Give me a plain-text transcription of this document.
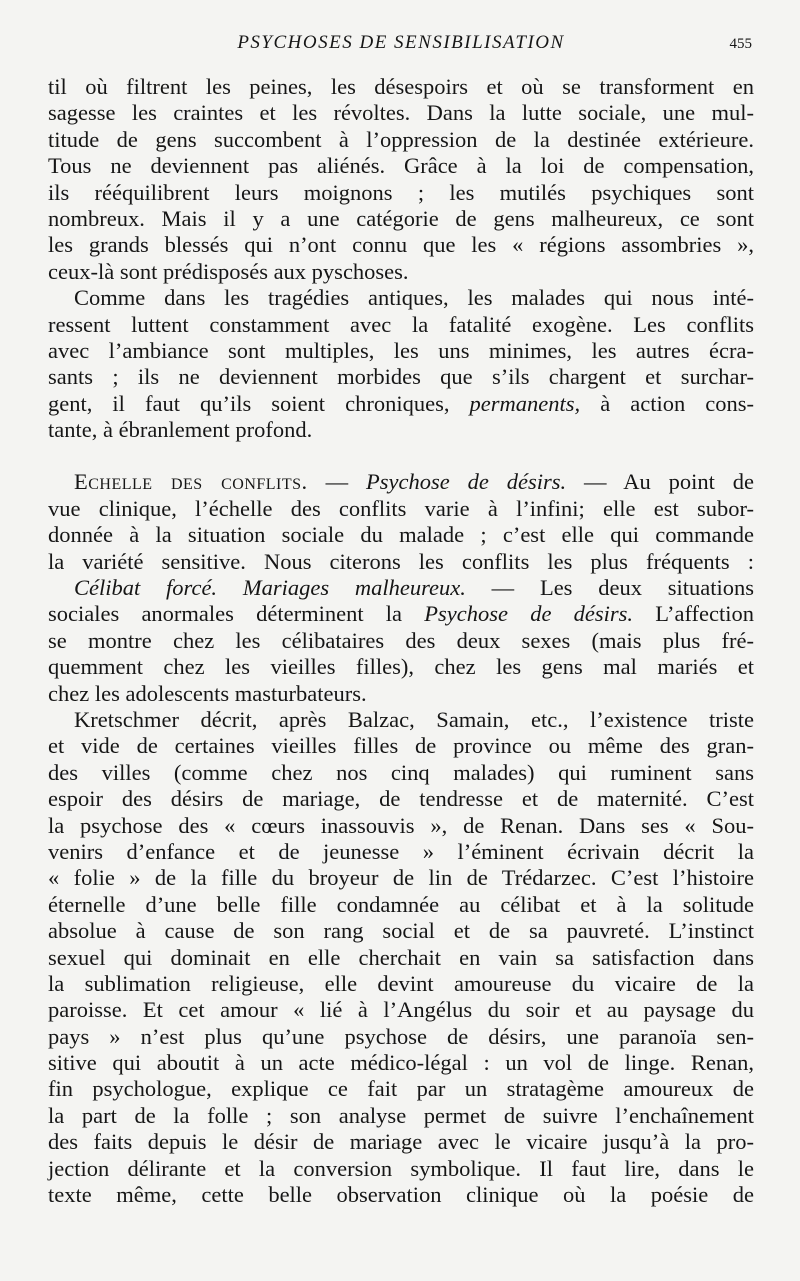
PSYCHOSES DE SENSIBILISATION	455
til où filtrent les peines, les désespoirs et où se transforment en
sagesse les craintes et les révoltes. Dans la lutte sociale, une mul-
titude de gens succombent à l’oppression de la destinée extérieure.
Tous ne deviennent pas aliénés. Grâce à la loi de compensation,
ils rééquilibrent leurs moignons ; les mutilés psychiques sont
nombreux. Mais il y a une catégorie de gens malheureux, ce sont
les grands blessés qui n’ont connu que les « régions assombries »,
ceux-là sont prédisposés aux pyschoses.
Comme dans les tragédies antiques, les malades qui nous inté-
ressent luttent constamment avec la fatalité exogène. Les conflits
avec l’ambiance sont multiples, les uns minimes, les autres écra-
sants ; ils ne deviennent morbides que s’ils chargent et surchar-
gent, il faut qu’ils soient chroniques, permanents, à action cons-
tante, à ébranlement profond.
Echelle des conflits. — Psychose de désirs. — Au point de
vue clinique, l’échelle des conflits varie à l’infini; elle est subor-
donnée à la situation sociale du malade ; c’est elle qui commande
la variété sensitive. Nous citerons les conflits les plus fréquents :
Célibat forcé. Mariages malheureux. — Les deux situations
sociales anormales déterminent la Psychose de désirs. L’affection
se montre chez les célibataires des deux sexes (mais plus fré-
quemment chez les vieilles filles), chez les gens mal mariés et
chez les adolescents masturbateurs.
Kretschmer décrit, après Balzac, Samain, etc., l’existence triste
et vide de certaines vieilles filles de province ou même des gran-
des villes (comme chez nos cinq malades) qui ruminent sans
espoir des désirs de mariage, de tendresse et de maternité. C’est
la psychose des « cœurs inassouvis », de Renan. Dans ses « Sou-
venirs d’enfance et de jeunesse » l’éminent écrivain décrit la
« folie » de la fille du broyeur de lin de Trédarzec. C’est l’histoire
éternelle d’une belle fille condamnée au célibat et à la solitude
absolue à cause de son rang social et de sa pauvreté. L’instinct
sexuel qui dominait en elle cherchait en vain sa satisfaction dans
la sublimation religieuse, elle devint amoureuse du vicaire de la
paroisse. Et cet amour « lié à l’Angélus du soir et au paysage du
pays » n’est plus qu’une psychose de désirs, une paranoïa sen-
sitive qui aboutit à un acte médico-légal : un vol de linge. Renan,
fin psychologue, explique ce fait par un stratagème amoureux de
la part de la folle ; son analyse permet de suivre l’enchaînement
des faits depuis le désir de mariage avec le vicaire jusqu’à la pro-
jection délirante et la conversion symbolique. Il faut lire, dans le
texte même, cette belle observation clinique où la poésie de
